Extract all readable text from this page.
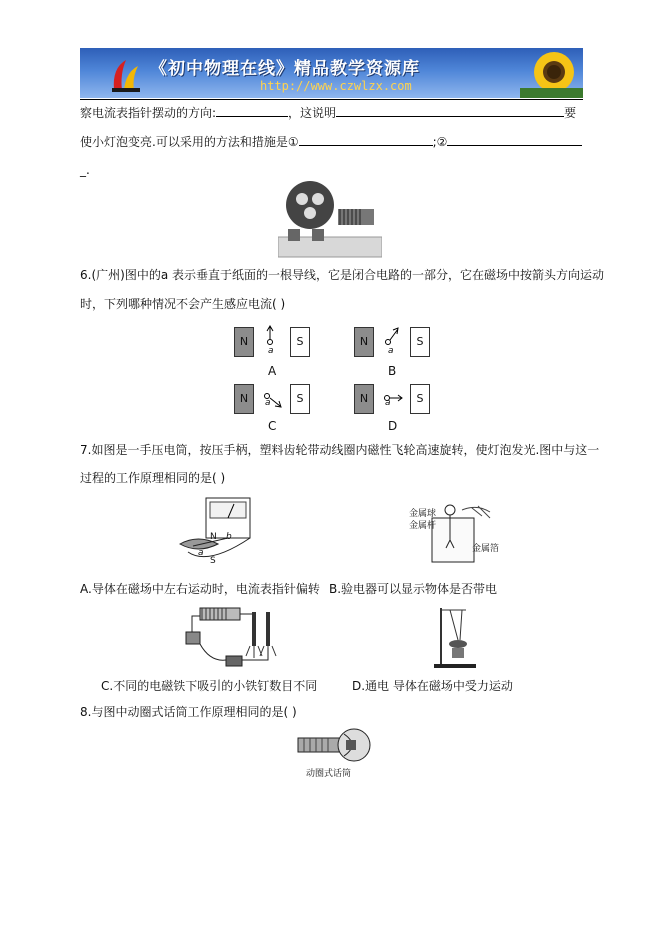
《初中物理在线》精品教学资源库
http://www.czwlzx.com
察电流表指针摆动的方向:	，这说明	要
使小灯泡变亮.可以采用的方法和措施是①	;②
_.
6.(广州)图中的a 表示垂直于纸面的一根导线，它是闭合电路的一部分，它在磁场中按箭头方向运动
时，下列哪种情况不会产生感应电流( )
N	S
a
A
N	S
a
B
N	S
a
C
N	S
a
D
7.如图是一手压电筒，按压手柄，塑料齿轮带动线圈内磁性飞轮高速旋转，使灯泡发光.图中与这一
过程的工作原理相同的是( )
N b
S
a
金属球
金属杆
金属箔
A.导体在磁场中左右运动时，电流表指针偏转 B.验电器可以显示物体是否带电
C.不同的电磁铁下吸引的小铁钉数目不同	D.通电 导体在磁场中受力运动
8.与图中动圈式话筒工作原理相同的是( )
动圈式话筒
